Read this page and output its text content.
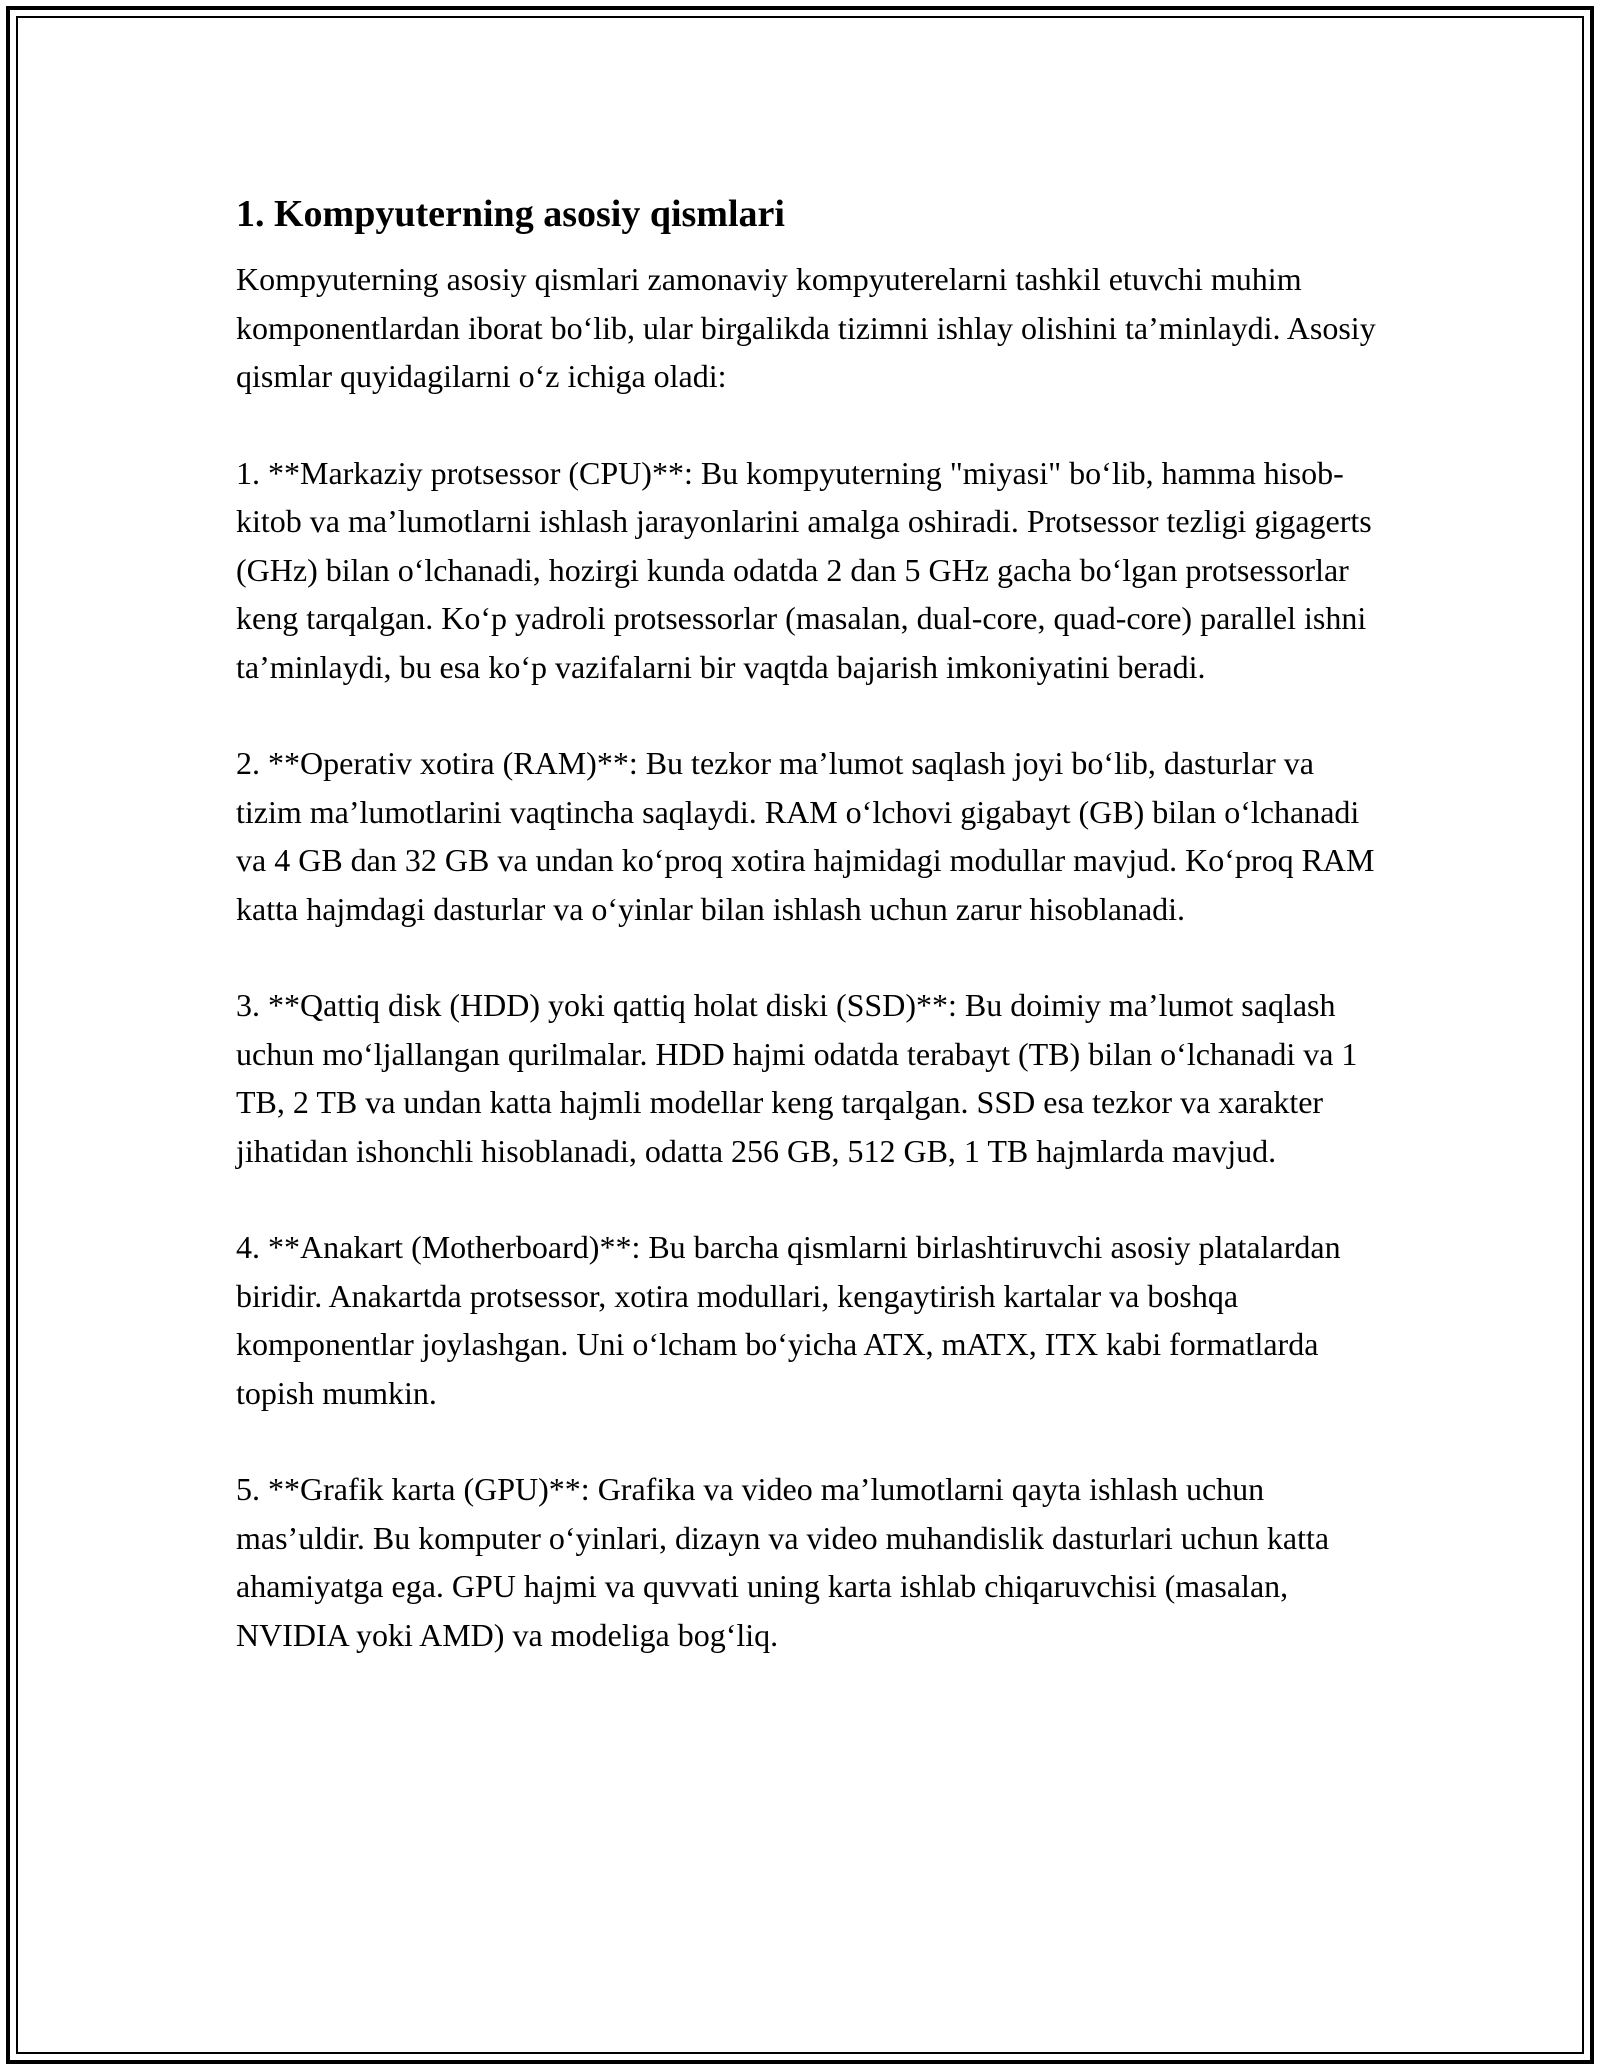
1. Kompyuterning asosiy qismlari

Kompyuterning asosiy qismlari zamonaviy kompyuterelarni tashkil etuvchi muhim komponentlardan iborat bo‘lib, ular birgalikda tizimni ishlay olishini ta’minlaydi. Asosiy qismlar quyidagilarni o‘z ichiga oladi:

1. **Markaziy protsessor (CPU)**: Bu kompyuterning "miyasi" bo‘lib, hamma hisob-kitob va ma’lumotlarni ishlash jarayonlarini amalga oshiradi. Protsessor tezligi gigagerts (GHz) bilan o‘lchanadi, hozirgi kunda odatda 2 dan 5 GHz gacha bo‘lgan protsessorlar keng tarqalgan. Ko‘p yadroli protsessorlar (masalan, dual-core, quad-core) parallel ishni ta’minlaydi, bu esa ko‘p vazifalarni bir vaqtda bajarish imkoniyatini beradi.

2. **Operativ xotira (RAM)**: Bu tezkor ma’lumot saqlash joyi bo‘lib, dasturlar va tizim ma’lumotlarini vaqtincha saqlaydi. RAM o‘lchovi gigabayt (GB) bilan o‘lchanadi va 4 GB dan 32 GB va undan ko‘proq xotira hajmidagi modullar mavjud. Ko‘proq RAM katta hajmdagi dasturlar va o‘yinlar bilan ishlash uchun zarur hisoblanadi.

3. **Qattiq disk (HDD) yoki qattiq holat diski (SSD)**: Bu doimiy ma’lumot saqlash uchun mo‘ljallangan qurilmalar. HDD hajmi odatda terabayt (TB) bilan o‘lchanadi va 1 TB, 2 TB va undan katta hajmli modellar keng tarqalgan. SSD esa tezkor va xarakter jihatidan ishonchli hisoblanadi, odatta 256 GB, 512 GB, 1 TB hajmlarda mavjud.

4. **Anakart (Motherboard)**: Bu barcha qismlarni birlashtiruvchi asosiy platalardan biridir. Anakartda protsessor, xotira modullari, kengaytirish kartalar va boshqa komponentlar joylashgan. Uni o‘lcham bo‘yicha ATX, mATX, ITX kabi formatlarda topish mumkin.

5. **Grafik karta (GPU)**: Grafika va video ma’lumotlarni qayta ishlash uchun mas’uldir. Bu komputer o‘yinlari, dizayn va video muhandislik dasturlari uchun katta ahamiyatga ega. GPU hajmi va quvvati uning karta ishlab chiqaruvchisi (masalan, NVIDIA yoki AMD) va modeliga bog‘liq.
